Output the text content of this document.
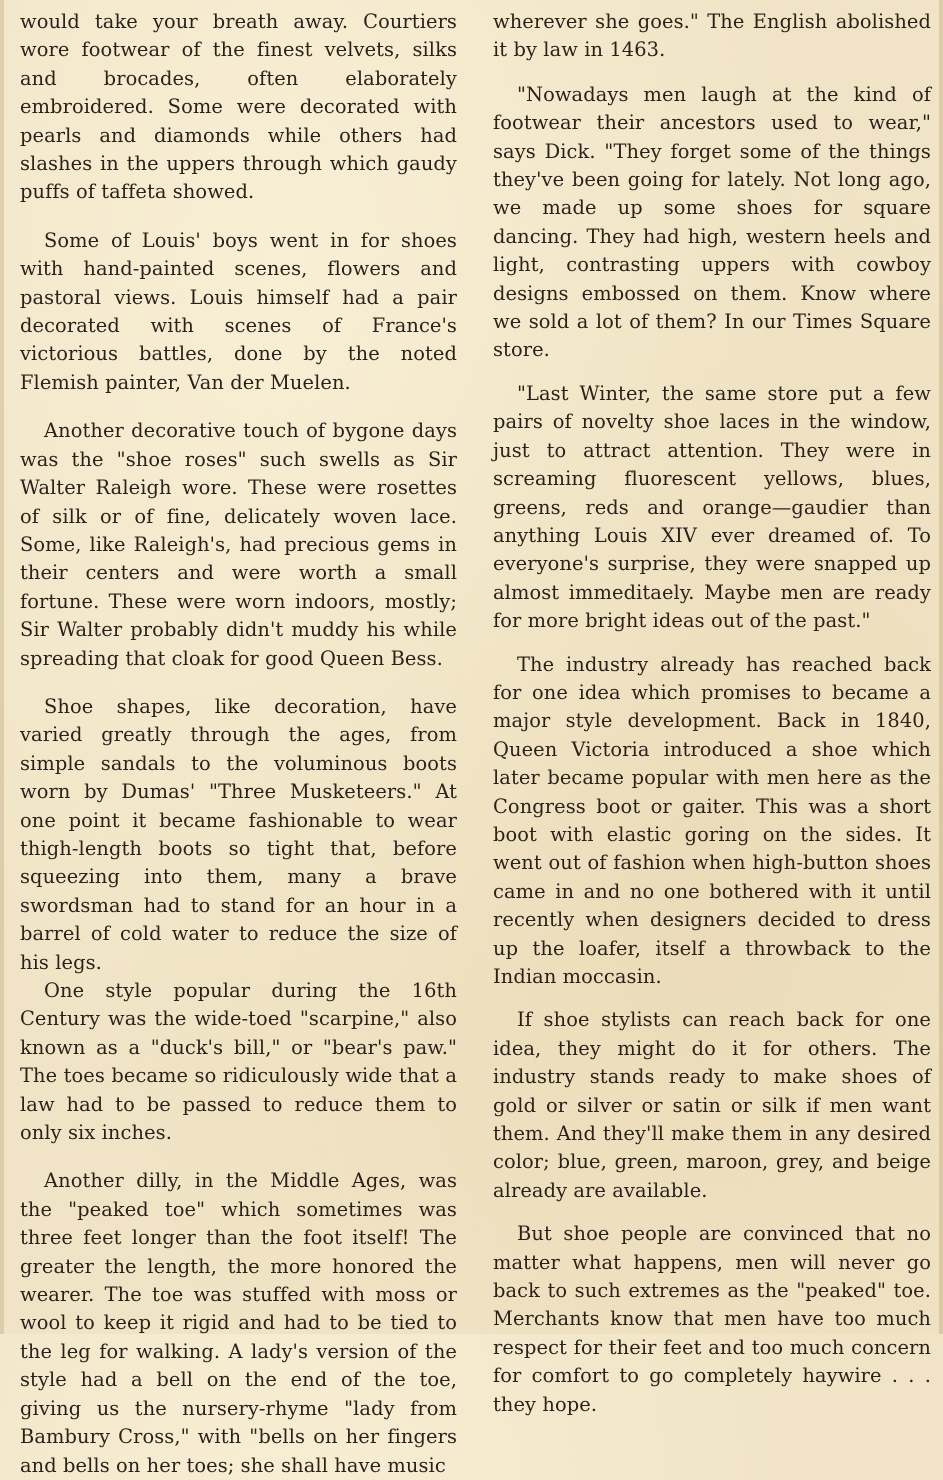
would take your breath away. Courtiers wore footwear of the finest velvets, silks and brocades, often elaborately embroidered. Some were decorated with pearls and diamonds while others had slashes in the uppers through which gaudy puffs of taffeta showed.

Some of Louis' boys went in for shoes with hand-painted scenes, flowers and pastoral views. Louis himself had a pair decorated with scenes of France's victorious battles, done by the noted Flemish painter, Van der Muelen.

Another decorative touch of bygone days was the "shoe roses" such swells as Sir Walter Raleigh wore. These were rosettes of silk or of fine, delicately woven lace. Some, like Raleigh's, had precious gems in their centers and were worth a small fortune. These were worn indoors, mostly; Sir Walter probably didn't muddy his while spreading that cloak for good Queen Bess.

Shoe shapes, like decoration, have varied greatly through the ages, from simple sandals to the voluminous boots worn by Dumas' "Three Musketeers." At one point it became fashionable to wear thigh-length boots so tight that, before squeezing into them, many a brave swordsman had to stand for an hour in a barrel of cold water to reduce the size of his legs.

One style popular during the 16th Century was the wide-toed "scarpine," also known as a "duck's bill," or "bear's paw." The toes became so ridiculously wide that a law had to be passed to reduce them to only six inches.

Another dilly, in the Middle Ages, was the "peaked toe" which sometimes was three feet longer than the foot itself! The greater the length, the more honored the wearer. The toe was stuffed with moss or wool to keep it rigid and had to be tied to the leg for walking. A lady's version of the style had a bell on the end of the toe, giving us the nursery-rhyme "lady from Bambury Cross," with "bells on her fingers and bells on her toes; she shall have music

wherever she goes." The English abolished it by law in 1463.

"Nowadays men laugh at the kind of footwear their ancestors used to wear," says Dick. "They forget some of the things they've been going for lately. Not long ago, we made up some shoes for square dancing. They had high, western heels and light, contrasting uppers with cowboy designs embossed on them. Know where we sold a lot of them? In our Times Square store.

"Last Winter, the same store put a few pairs of novelty shoe laces in the window, just to attract attention. They were in screaming fluorescent yellows, blues, greens, reds and orange—gaudier than anything Louis XIV ever dreamed of. To everyone's surprise, they were snapped up almost immeditaely. Maybe men are ready for more bright ideas out of the past."

The industry already has reached back for one idea which promises to became a major style development. Back in 1840, Queen Victoria introduced a shoe which later became popular with men here as the Congress boot or gaiter. This was a short boot with elastic goring on the sides. It went out of fashion when high-button shoes came in and no one bothered with it until recently when designers decided to dress up the loafer, itself a throwback to the Indian moccasin.

If shoe stylists can reach back for one idea, they might do it for others. The industry stands ready to make shoes of gold or silver or satin or silk if men want them. And they'll make them in any desired color; blue, green, maroon, grey, and beige already are available.

But shoe people are convinced that no matter what happens, men will never go back to such extremes as the "peaked" toe. Merchants know that men have too much respect for their feet and too much concern for comfort to go completely haywire . . . they hope.
